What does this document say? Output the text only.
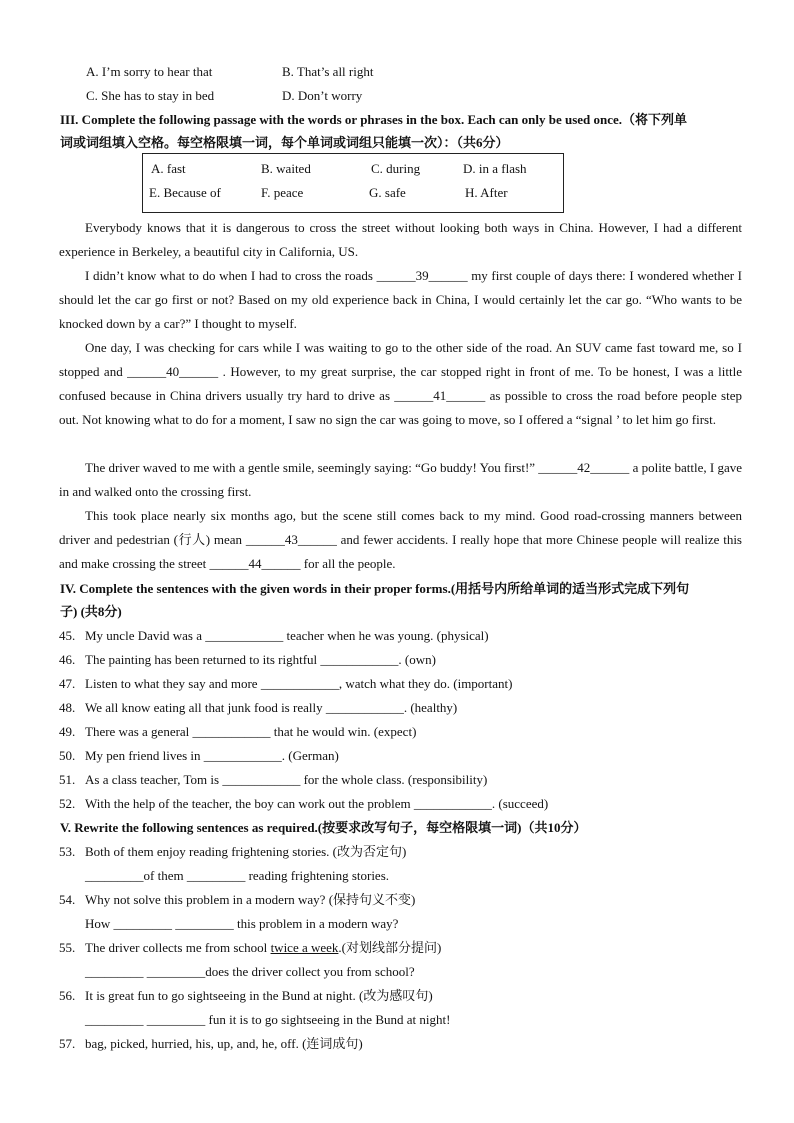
A. I’m sorry to hear that	B. That’s all right
C. She has to stay in bed	D. Don’t worry
III. Complete the following passage with the words or phrases in the box. Each can only be used once.（将下列单
词或词组填入空格。每空格限填一词，每个单词或词组只能填一次）：（共6分）
A. fast	B. waited	C. during	D. in a flash
E. Because of	F. peace	G. safe	H. After

Everybody knows that it is dangerous to cross the street without looking both ways in China. However, I had a different experience in Berkeley, a beautiful city in California, US.

I didn’t know what to do when I had to cross the roads ______39______ my first couple of days there: I wondered whether I should let the car go first or not? Based on my old experience back in China, I would certainly let the car go. “Who wants to be knocked down by a car?” I thought to myself.

One day, I was checking for cars while I was waiting to go to the other side of the road. An SUV came fast toward me, so I stopped and ______40______ . However, to my great surprise, the car stopped right in front of me. To be honest, I was a little confused because in China drivers usually try hard to drive as ______41______ as possible to cross the road before people step out. Not knowing what to do for a moment, I saw no sign the car was going to move, so I offered a “signal ’ to let him go first.

The driver waved to me with a gentle smile, seemingly saying: “Go buddy! You first!” ______42______ a polite battle, I gave in and walked onto the crossing first.

This took place nearly six months ago, but the scene still comes back to my mind. Good road-crossing manners between driver and pedestrian (行人) mean ______43______ and fewer accidents. I really hope that more Chinese people will realize this and make crossing the street ______44______ for all the people.

IV. Complete the sentences with the given words in their proper forms.(用括号内所给单词的适当形式完成下列句
子) (共8分)
45. My uncle David was a ____________ teacher when he was young. (physical)
46. The painting has been returned to its rightful ____________. (own)
47. Listen to what they say and more ____________, watch what they do. (important)
48. We all know eating all that junk food is really ____________. (healthy)
49. There was a general ____________ that he would win. (expect)
50. My pen friend lives in ____________. (German)
51. As a class teacher, Tom is ____________ for the whole class. (responsibility)
52. With the help of the teacher, the boy can work out the problem ____________. (succeed)
V. Rewrite the following sentences as required.(按要求改写句子，每空格限填一词)（共10分）
53. Both of them enjoy reading frightening stories. (改为否定句)
_________of them _________ reading frightening stories.
54. Why not solve this problem in a modern way? (保持句义不变)
How _________ _________ this problem in a modern way?
55. The driver collects me from school twice a week.(对划线部分提问)
_________ _________does the driver collect you from school?
56. It is great fun to go sightseeing in the Bund at night. (改为感叹句)
_________ _________ fun it is to go sightseeing in the Bund at night!
57. bag, picked, hurried, his, up, and, he, off. (连词成句)
